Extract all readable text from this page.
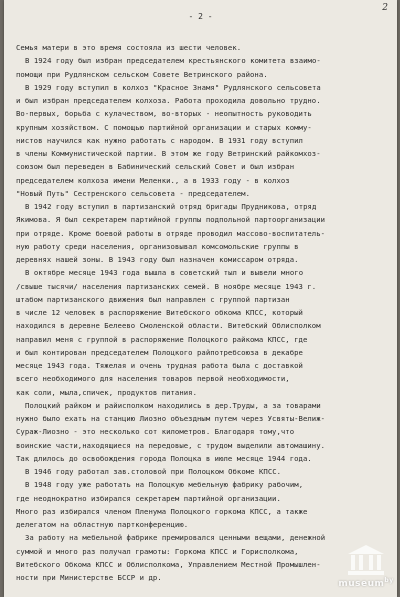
2
- 2 -
Семья матери в это время состояла из шести человек.
В 1924 году был избран председателем крестьянского комитета взаимо-
помощи при Рудлянском сельском Совете Ветринского района.
В 1929 году вступил в колхоз "Красное Знамя" Рудлянского сельсовета
и был избран председателем колхоза. Работа проходила довольно трудно.
Во-первых, борьба с кулачеством, во-вторых - неопытность руководить
крупным хозяйством. С помощью партийной организации и старых комму-
нистов научился как нужно работать с народом. В 1931 году вступил
в члены Коммунистической партии. В этом же году Ветринский райкомхоз-
союзом был переведен в Бабинический сельский Совет и был избран
председателем колхоза имени Меленки., а в 1933 году - в колхоз
"Новый Путь" Сестренского сельсовета - председателем.
В 1942 году вступил в партизанский отряд бригады Прудникова, отряд
Якимова. Я был секретарем партийной группы подпольной партоорганизации
при отряде. Кроме боевой работы в отряде проводил массово-воспитатель-
ную работу среди населения, организовывал комсомольские группы в
деревнях нашей зоны. В 1943 году был назначен комиссаром отряда.
В октябре месяце 1943 года вышла в советский тыл и вывели много
/свыше тысячи/ населения партизанских семей. В ноябре месяце 1943 г.
штабом партизанского движения был направлен с группой партизан
в числе 12 человек в распоряжение Витебского обкома КПСС, который
находился в деревне Белеево Смоленской области. Витебский Облисполком
направил меня с группой в распоряжение Полоцкого райкома КПСС, где
и был контирован председателем Полоцкого райпотребсоюза в декабре
месяце 1943 года. Тяжелая и очень трудная работа была с доставкой
всего необходимого для населения товаров первой необходимости,
как соли, мыла,спичек, продуктов питания.
Полоцкий райком и райисполком находились в дер.Труды, а за товарами
нужно было ехать на станцию Лиозно объездным путем через Усвяты-Велиж-
Сураж-Лиозно - это несколько сот километров. Благодаря тому,что
воинские части,находящиеся на передовые, с трудом выделили автомашину.
Так длилось до освобождения города Полоцка в июле месяце 1944 года.
В 1946 году работал зав.столовой при Полоцком Обкоме КПСС.
В 1948 году уже работать на Полоцкую мебельную фабрику рабочим,
где неоднократно избирался секретарем партийной организации.
Много раз избирался членом Пленума Полоцкого горкома КПСС, а также
делегатом на областную партконференцию.
За работу на мебельной фабрике премировался ценными вещами, денежной
суммой и много раз получал грамоты: Горкома КПСС и Горисполкома,
Витебского Обкома КПСС и Облисполкома, Управлением Местной Промышлен-
ности при Министерстве БССР и др.
museum$^{by}$
